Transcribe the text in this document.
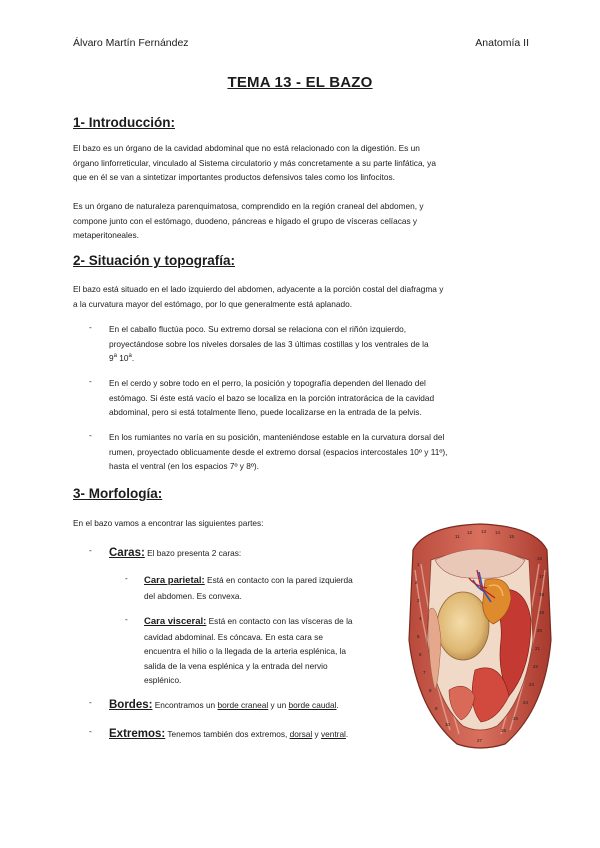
Álvaro Martín Fernández	Anatomía II
TEMA 13 - EL BAZO
1- Introducción:
El bazo es un órgano de la cavidad abdominal que no está relacionado con la digestión. Es un
órgano linforreticular, vinculado al Sistema circulatorio y más concretamente a su parte linfática, ya
que en él se van a sintetizar importantes productos defensivos tales como los linfocitos.
Es un órgano de naturaleza parenquimatosa, comprendido en la región craneal del abdomen, y
compone junto con el estómago, duodeno, páncreas e hígado el grupo de vísceras celíacas y
metaperitoneales.
2- Situación y topografía:
El bazo está situado en el lado izquierdo del abdomen, adyacente a la porción costal del diafragma y
a la curvatura mayor del estómago, por lo que generalmente está aplanado.
- En el caballo fluctúa poco. Su extremo dorsal se relaciona con el riñón izquierdo,
proyectándose sobre los niveles dorsales de las 3 últimas costillas y los ventrales de la
9$^a$ 10$^a$.
- En el cerdo y sobre todo en el perro, la posición y topografía dependen del llenado del
estómago. Si éste está vacío el bazo se localiza en la porción intratorácica de la cavidad
abdominal, pero si está totalmente lleno, puede localizarse en la entrada de la pelvis.
- En los rumiantes no varía en su posición, manteniéndose estable en la curvatura dorsal del
rumen, proyectado oblicuamente desde el extremo dorsal (espacios intercostales 10º y 11º),
hasta el ventral (en los espacios 7º y 8º).
3- Morfología:
En el bazo vamos a encontrar las siguientes partes:
- Caras: El bazo presenta 2 caras:
- Cara parietal: Está en contacto con la pared izquierda
del abdomen. Es convexa.
- Cara visceral: Está en contacto con las vísceras de la
cavidad abdominal. Es cóncava. En esta cara se
encuentra el hilio o la llegada de la arteria esplénica, la
salida de la vena esplénica y la entrada del nervio
esplénico.
- Bordes: Encontramos un borde craneal y un borde caudal.
- Extremos: Tenemos también dos extremos, dorsal y ventral.
1
2
3
4
5
6
7
8
9
10
11
12 13 14
15
16
17
18
19
20
21
22
23
24
25
26
27
